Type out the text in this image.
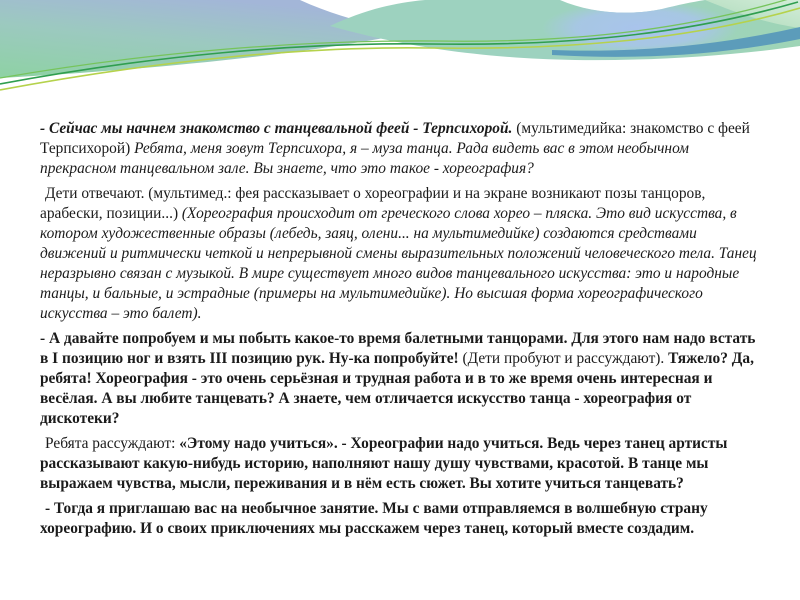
- Сейчас мы начнем знакомство с танцевальной феей - Терпсихорой. (мультимедийка: знакомство с феей Терпсихорой) Ребята, меня зовут Терпсихора, я – муза танца. Рада видеть вас в этом необычном прекрасном танцевальном зале. Вы знаете, что это такое - хореография?

Дети отвечают. (мультимед.: фея рассказывает о хореографии и на экране возникают позы танцоров, арабески, позиции...) (Хореография происходит от греческого слова хорео – пляска. Это вид искусства, в котором художественные образы (лебедь, заяц, олени... на мультимедийке) создаются средствами движений и ритмически четкой и непрерывной смены выразительных положений человеческого тела. Танец неразрывно связан с музыкой. В мире существует много видов танцевального искусства: это и народные танцы, и бальные, и эстрадные (примеры на мультимедийке). Но высшая форма хореографического искусства – это балет).

- А давайте попробуем и мы побыть какое-то время балетными танцорами. Для этого нам надо встать в I позицию ног и взять III позицию рук. Ну-ка попробуйте! (Дети пробуют и рассуждают). Тяжело? Да, ребята! Хореография - это очень серьёзная и трудная работа и в то же время очень интересная и весёлая. А вы любите танцевать? А знаете, чем отличается искусство танца - хореография от дискотеки?

Ребята рассуждают: «Этому надо учиться». - Хореографии надо учиться. Ведь через танец артисты рассказывают какую-нибудь историю, наполняют нашу душу чувствами, красотой. В танце мы выражаем чувства, мысли, переживания и в нём есть сюжет. Вы хотите учиться танцевать?

- Тогда я приглашаю вас на необычное занятие. Мы с вами отправляемся в волшебную страну хореографию. И о своих приключениях мы расскажем через танец, который вместе создадим.
